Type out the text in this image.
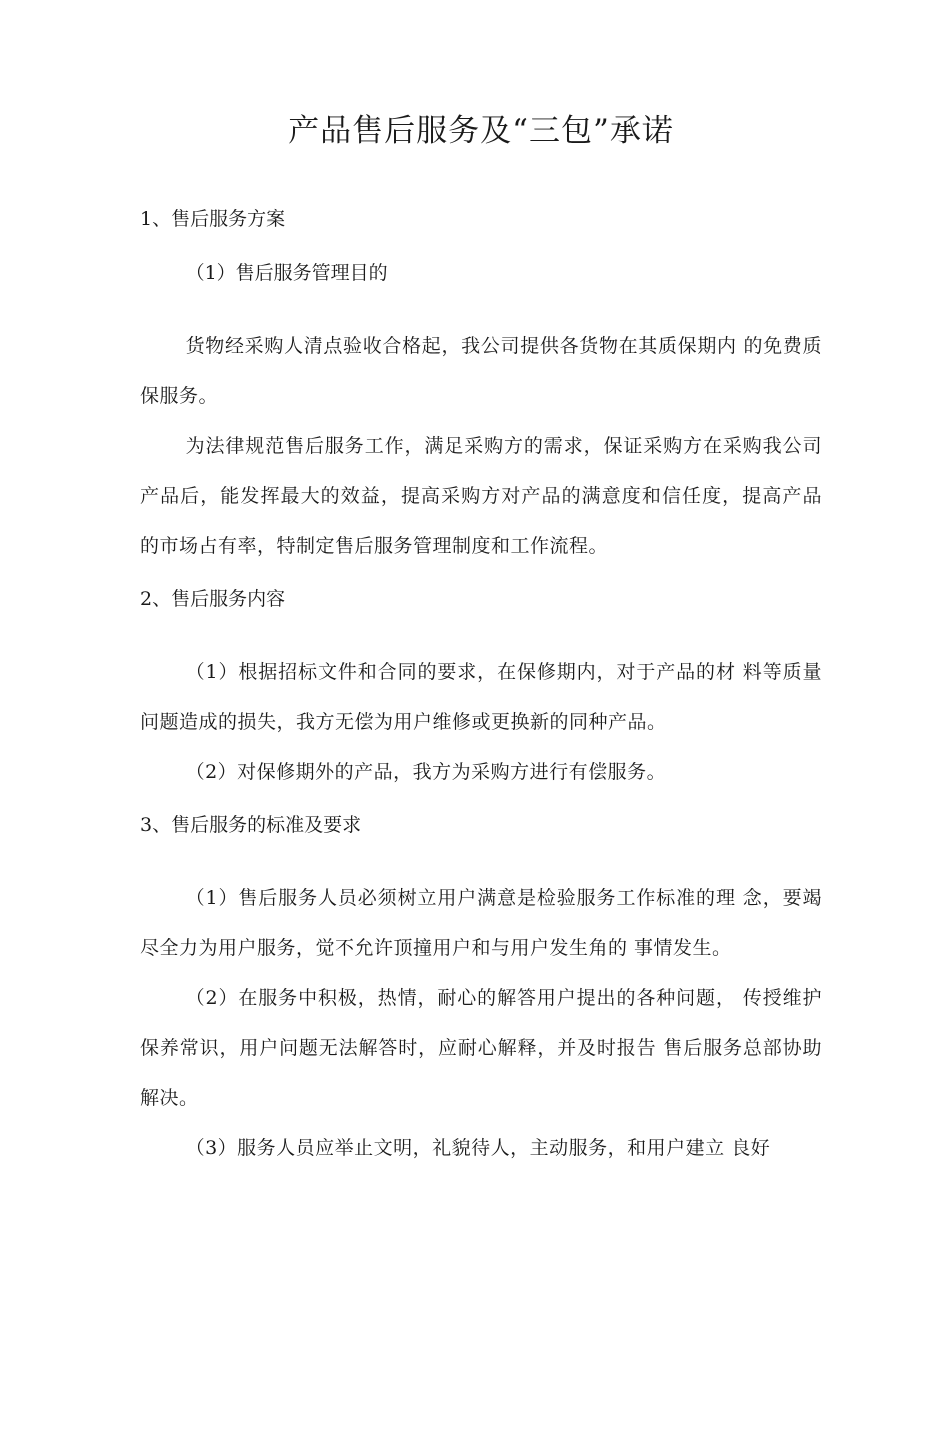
产品售后服务及“三包”承诺

1、售后服务方案

（1）售后服务管理目的

货物经采购人清点验收合格起，我公司提供各货物在其质保期内 的免费质保服务。

为法律规范售后服务工作，满足采购方的需求，保证采购方在采购我公司产品后，能发挥最大的效益，提高采购方对产品的满意度和信任度，提高产品的市场占有率，特制定售后服务管理制度和工作流程。

2、售后服务内容

（1）根据招标文件和合同的要求，在保修期内，对于产品的材 料等质量问题造成的损失，我方无偿为用户维修或更换新的同种产品。

（2）对保修期外的产品，我方为采购方进行有偿服务。

3、售后服务的标准及要求

（1）售后服务人员必须树立用户满意是检验服务工作标准的理 念，要竭尽全力为用户服务，觉不允许顶撞用户和与用户发生角的 事情发生。

（2）在服务中积极，热情，耐心的解答用户提出的各种问题， 传授维护保养常识，用户问题无法解答时，应耐心解释，并及时报告 售后服务总部协助解决。

（3）服务人员应举止文明，礼貌待人，主动服务，和用户建立 良好
